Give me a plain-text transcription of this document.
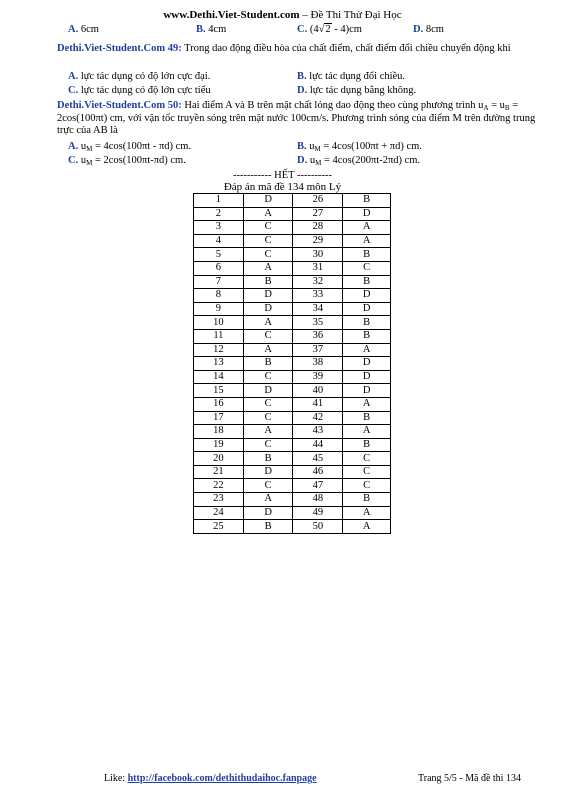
www.Dethi.Viet-Student.com – Đề Thi Thử Đại Học
A. 6cm	B. 4cm	C. (4√2 - 4)cm	D. 8cm
Dethi.Viet-Student.Com 49: Trong dao động điều hòa của chất điểm, chất điểm đổi chiều chuyển động khi
A. lực tác dụng có độ lớn cực đại.	B. lực tác dụng đổi chiều.
C. lực tác dụng có độ lớn cực tiểu	D. lực tác dụng bằng không.
Dethi.Viet-Student.Com 50: Hai điểm A và B trên mặt chất lỏng dao động theo cùng phương trình $u_A = u_B = 2\cos(100\pi t)$ cm, với vận tốc truyền sóng trên mặt nước 100cm/s. Phương trình sóng của điểm M trên đường trung trực của AB là
A. $u_M = 4\cos(100\pi t - \pi d)$ cm.	B. $u_M = 4\cos(100\pi t + \pi d)$ cm.
C. $u_M = 2\cos(100\pi t-\pi d)$ cm.	D. $u_M = 4\cos(200\pi t-2\pi d)$ cm.
----------- HẾT ----------
Đáp án mã đề 134 môn Lý
1	D	26	B
2	A	27	D
3	C	28	A
4	C	29	A
5	C	30	B
6	A	31	C
7	B	32	B
8	D	33	D
9	D	34	D
10	A	35	B
11	C	36	B
12	A	37	A
13	B	38	D
14	C	39	D
15	D	40	D
16	C	41	A
17	C	42	B
18	A	43	A
19	C	44	B
20	B	45	C
21	D	46	C
22	C	47	C
23	A	48	B
24	D	49	A
25	B	50	A
Like: http://facebook.com/dethithudaihoc.fanpage	Trang 5/5 - Mã đề thi 134
